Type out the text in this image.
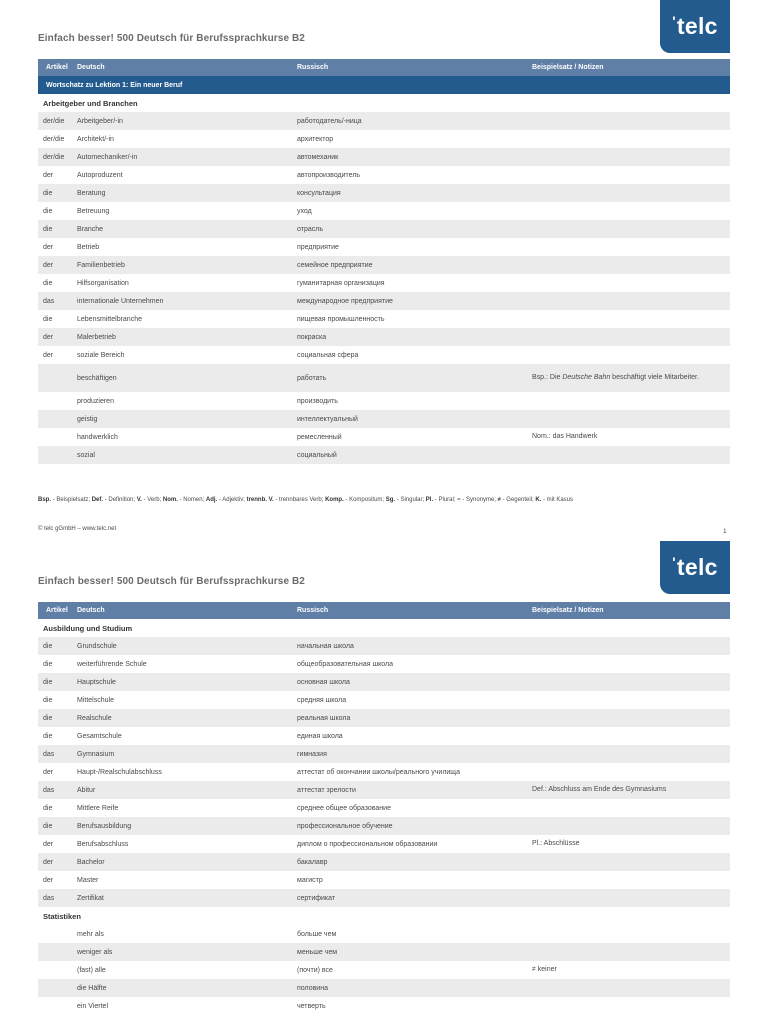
Einfach besser! 500 Deutsch für Berufssprachkurse B2
' telc
Artikel	Deutsch	Russisch	Beispielsatz / Notizen
Wortschatz zu Lektion 1: Ein neuer Beruf			
Arbeitgeber und Branchen			
der/die	Arbeitgeber/-in	работодатель/-ница	
der/die	Architekt/-in	архитектор	
der/die	Automechaniker/-in	автомеханик	
der	Autoproduzent	автопроизводитель	
die	Beratung	консультация	
die	Betreuung	уход	
die	Branche	отрасль	
der	Betrieb	предприятие	
der	Familienbetrieb	семейное предприятие	
die	Hilfsorganisation	гуманитарная организация	
das	internationale Unternehmen	международное предприятие	
die	Lebensmittelbranche	пищевая промышленность	
der	Malerbetrieb	покраска	
der	soziale Bereich	социальная сфера	
	beschäftigen	работать	Bsp.: Die Deutsche Bahn beschäftigt viele Mitarbeiter.
	produzieren	производить	
	geistig	интеллектуальный	
	handwerklich	ремесленный	Nom.: das Handwerk
	sozial	социальный	
Bsp. - Beispielsatz; Def. - Definition; V. - Verb; Nom. - Nomen; Adj. - Adjektiv; trennb. V. - trennbares Verb; Komp. - Kompositum; Sg. - Singular; Pl. - Plural; = - Synonyme; ≠ - Gegenteil; K. - mit Kasus
© telc gGmbH – www.telc.net	1
Einfach besser! 500 Deutsch für Berufssprachkurse B2
' telc
Artikel	Deutsch	Russisch	Beispielsatz / Notizen
Ausbildung und Studium			
die	Grundschule	начальная школа	
die	weiterführende Schule	общеобразовательная школа	
die	Hauptschule	основная школа	
die	Mittelschule	средняя школа	
die	Realschule	реальная школа	
die	Gesamtschule	единая школа	
das	Gymnasium	гимназия	
der	Haupt-/Realschulabschluss	аттестат об окончании школы/реального училища	
das	Abitur	аттестат зрелости	Def.: Abschluss am Ende des Gymnasiums
die	Mittlere Reife	среднее общее образование	
die	Berufsausbildung	профессиональное обучение	
der	Berufsabschluss	диплом о профессиональном образовании	Pl.: Abschlüsse
der	Bachelor	бакалавр	
der	Master	магистр	
das	Zertifikat	сертификат	
Statistiken			
	mehr als	больше чем	
	weniger als	меньше чем	
	(fast) alle	(почти) все	≠ keiner
	die Hälfte	половина	
	ein Viertel	четверть	
